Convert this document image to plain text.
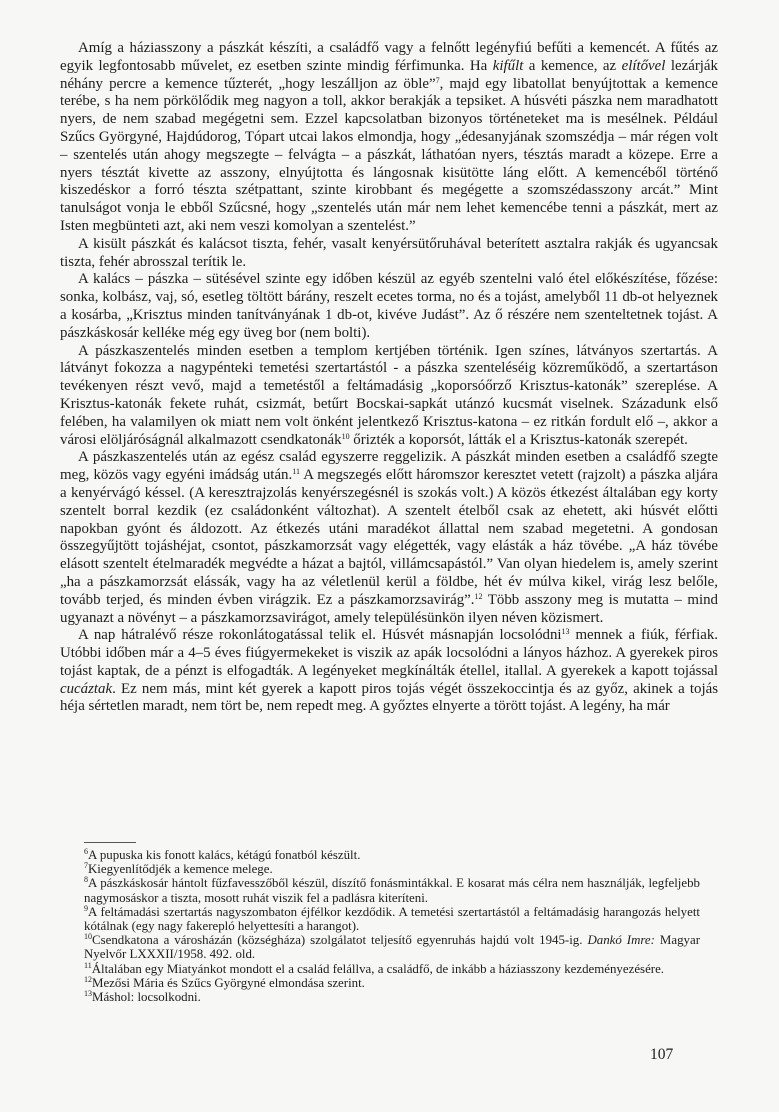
Amíg a háziasszony a pászkát készíti, a családfő vagy a felnőtt legényfiú befűti a kemencét. A fűtés az egyik legfontosabb művelet, ez esetben szinte mindig férfimunka. Ha kifűlt a kemence, az elítővel lezárják néhány percre a kemence tűzterét, „hogy leszálljon az öble”$^7$, majd egy libatollat benyújtottak a kemence terébe, s ha nem pörkölődik meg nagyon a toll, akkor berakják a tepsiket. A húsvéti pászka nem maradhatott nyers, de nem szabad megégetni sem. Ezzel kapcsolatban bizonyos történeteket ma is mesélnek. Például Szűcs Györgyné, Hajdúdorog, Tópart utcai lakos elmondja, hogy „édesanyjának szomszédja – már régen volt – szentelés után ahogy megszegte – felvágta – a pászkát, láthatóan nyers, tésztás maradt a közepe. Erre a nyers tésztát kivette az asszony, elnyújtotta és lángosnak kisütötte láng előtt. A kemencéből történő kiszedéskor a forró tészta szétpattant, szinte kirobbant és megégette a szomszédasszony arcát.” Mint tanulságot vonja le ebből Szűcsné, hogy „szentelés után már nem lehet kemencébe tenni a pászkát, mert az Isten megbünteti azt, aki nem veszi komolyan a szentelést.”

A kisült pászkát és kalácsot tiszta, fehér, vasalt kenyérsütőruhával beterített asztalra rakják és ugyancsak tiszta, fehér abrosszal terítik le.

A kalács – pászka – sütésével szinte egy időben készül az egyéb szentelni való étel előkészítése, főzése: sonka, kolbász, vaj, só, esetleg töltött bárány, reszelt ecetes torma, no és a tojást, amelyből 11 db-ot helyeznek a kosárba, „Krisztus minden tanítványának 1 db-ot, kivéve Judást”. Az ő részére nem szenteltetnek tojást. A pászkáskosár kelléke még egy üveg bor (nem bolti).

A pászkaszentelés minden esetben a templom kertjében történik. Igen színes, látványos szertartás. A látványt fokozza a nagypénteki temetési szertartástól - a pászka szenteléséig közreműködő, a szertartáson tevékenyen részt vevő, majd a temetéstől a feltámadásig „koporsóőrző Krisztus-katonák” szereplése. A Krisztus-katonák fekete ruhát, csizmát, betűrt Bocskai-sapkát utánzó kucsmát viselnek. Századunk első felében, ha valamilyen ok miatt nem volt önként jelentkező Krisztus-katona – ez ritkán fordult elő –, akkor a városi elöljáróságnál alkalmazott csendkatonák$^{10}$ őrizték a koporsót, látták el a Krisztus-katonák szerepét.

A pászkaszentelés után az egész család egyszerre reggelizik. A pászkát minden esetben a családfő szegte meg, közös vagy egyéni imádság után.$^{11}$ A megszegés előtt háromszor keresztet vetett (rajzolt) a pászka aljára a kenyérvágó késsel. (A keresztrajzolás kenyérszegésnél is szokás volt.) A közös étkezést általában egy korty szentelt borral kezdik (ez családonként változhat). A szentelt ételből csak az ehetett, aki húsvét előtti napokban gyónt és áldozott. Az étkezés utáni maradékot állattal nem szabad megetetni. A gondosan összegyűjtött tojáshéjat, csontot, pászkamorzsát vagy elégették, vagy elásták a ház tövébe. „A ház tövébe elásott szentelt ételmaradék megvédte a házat a bajtól, villámcsapástól.” Van olyan hiedelem is, amely szerint „ha a pászkamorzsát elássák, vagy ha az véletlenül kerül a földbe, hét év múlva kikel, virág lesz belőle, tovább terjed, és minden évben virágzik. Ez a pászkamorzsavirág”.$^{12}$ Több asszony meg is mutatta – mind ugyanazt a növényt – a pászkamorzsavirágot, amely településünkön ilyen néven közismert.

A nap hátralévő része rokonlátogatással telik el. Húsvét másnapján locsolódni$^{13}$ mennek a fiúk, férfiak. Utóbbi időben már a 4–5 éves fiúgyermekeket is viszik az apák locsolódni a lányos házhoz. A gyerekek piros tojást kaptak, de a pénzt is elfogadták. A legényeket megkínálták étellel, itallal. A gyerekek a kapott tojással cucáztak. Ez nem más, mint két gyerek a kapott piros tojás végét összekoccintja és az győz, akinek a tojás héja sértetlen maradt, nem tört be, nem repedt meg. A győztes elnyerte a törött tojást. A legény, ha már

$^6$A pupuska kis fonott kalács, kétágú fonatból készült.

$^7$Kiegyenlítődjék a kemence melege.

$^8$A pászkáskosár hántolt fűzfavesszőből készül, díszítő fonásmintákkal. E kosarat más célra nem használják, legfeljebb nagymosáskor a tiszta, mosott ruhát viszik fel a padlásra kiteríteni.

$^9$A feltámadási szertartás nagyszombaton éjfélkor kezdődik. A temetési szertartástól a feltámadásig harangozás helyett kótálnak (egy nagy fakerepló helyettesíti a harangot).

$^{10}$Csendkatona a városházán (községháza) szolgálatot teljesítő egyenruhás hajdú volt 1945-ig. Dankó Imre: Magyar Nyelvőr LXXXII/1958. 492. old.

$^{11}$Általában egy Miatyánkot mondott el a család felállva, a családfő, de inkább a háziasszony kezdeményezésére.

$^{12}$Mezősi Mária és Szűcs Györgyné elmondása szerint.

$^{13}$Máshol: locsolkodni.

107
